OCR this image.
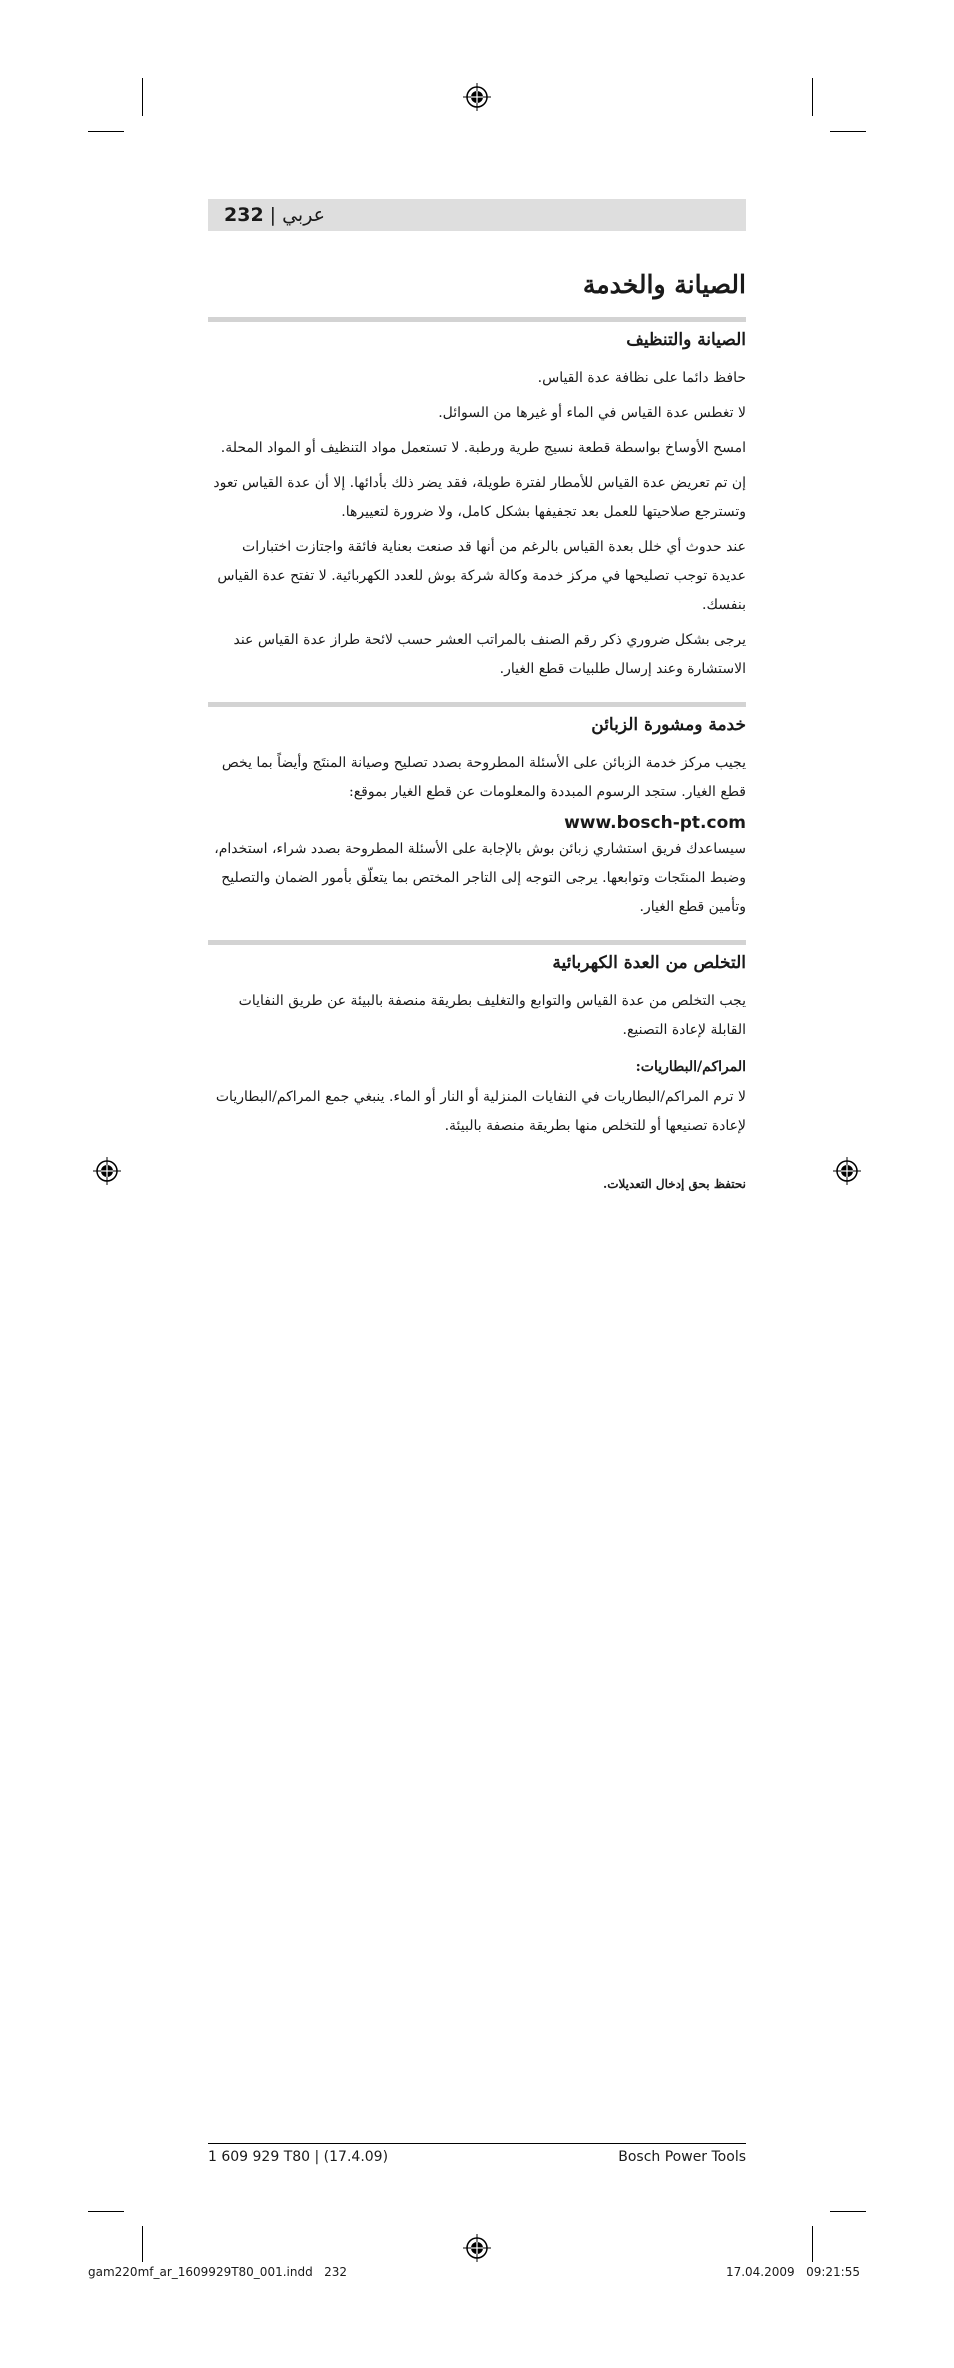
232 | عربي
الصيانة والخدمة
الصيانة والتنظيف

حافظ دائما على نظافة عدة القياس.

لا تغطس عدة القياس في الماء أو غيرها من السوائل.

امسح الأوساخ بواسطة قطعة نسيج طرية ورطبة. لا تستعمل مواد التنظيف أو المواد المحلة.

إن تم تعريض عدة القياس للأمطار لفترة طويلة، فقد يضر ذلك بأدائها. إلا أن عدة القياس تعود وتسترجع صلاحيتها للعمل بعد تجفيفها بشكل كامل، ولا ضرورة لتعييرها.

عند حدوث أي خلل بعدة القياس بالرغم من أنها قد صنعت بعناية فائقة واجتازت اختبارات عديدة توجب تصليحها في مركز خدمة وكالة شركة بوش للعدد الكهربائية. لا تفتح عدة القياس بنفسك.

يرجى بشكل ضروري ذكر رقم الصنف بالمراتب العشر حسب لائحة طراز عدة القياس عند الاستشارة وعند إرسال طلبيات قطع الغيار.

خدمة ومشورة الزبائن

يجيب مركز خدمة الزبائن على الأسئلة المطروحة بصدد تصليح وصيانة المنتَج وأيضاً بما يخص قطع الغيار. ستجد الرسوم المبددة والمعلومات عن قطع الغيار بموقع:

www.bosch-pt.com

سيساعدك فريق استشاري زبائن بوش بالإجابة على الأسئلة المطروحة بصدد شراء، استخدام، وضبط المنتَجات وتوابعها. يرجى التوجه إلى التاجر المختص بما يتعلّق بأمور الضمان والتصليح وتأمين قطع الغيار.

التخلص من العدة الكهربائية

يجب التخلص من عدة القياس والتوابع والتغليف بطريقة منصفة بالبيئة عن طريق النفايات القابلة لإعادة التصنيع.

المراكم/البطاريات:

لا ترم المراكم/البطاريات في النفايات المنزلية أو النار أو الماء. ينبغي جمع المراكم/البطاريات لإعادة تصنيعها أو للتخلص منها بطريقة منصفة بالبيئة.

نحتفظ بحق إدخال التعديلات.
1 609 929 T80 | (17.4.09)	Bosch Power Tools
gam220mf_ar_1609929T80_001.indd   232	17.04.2009   09:21:55
